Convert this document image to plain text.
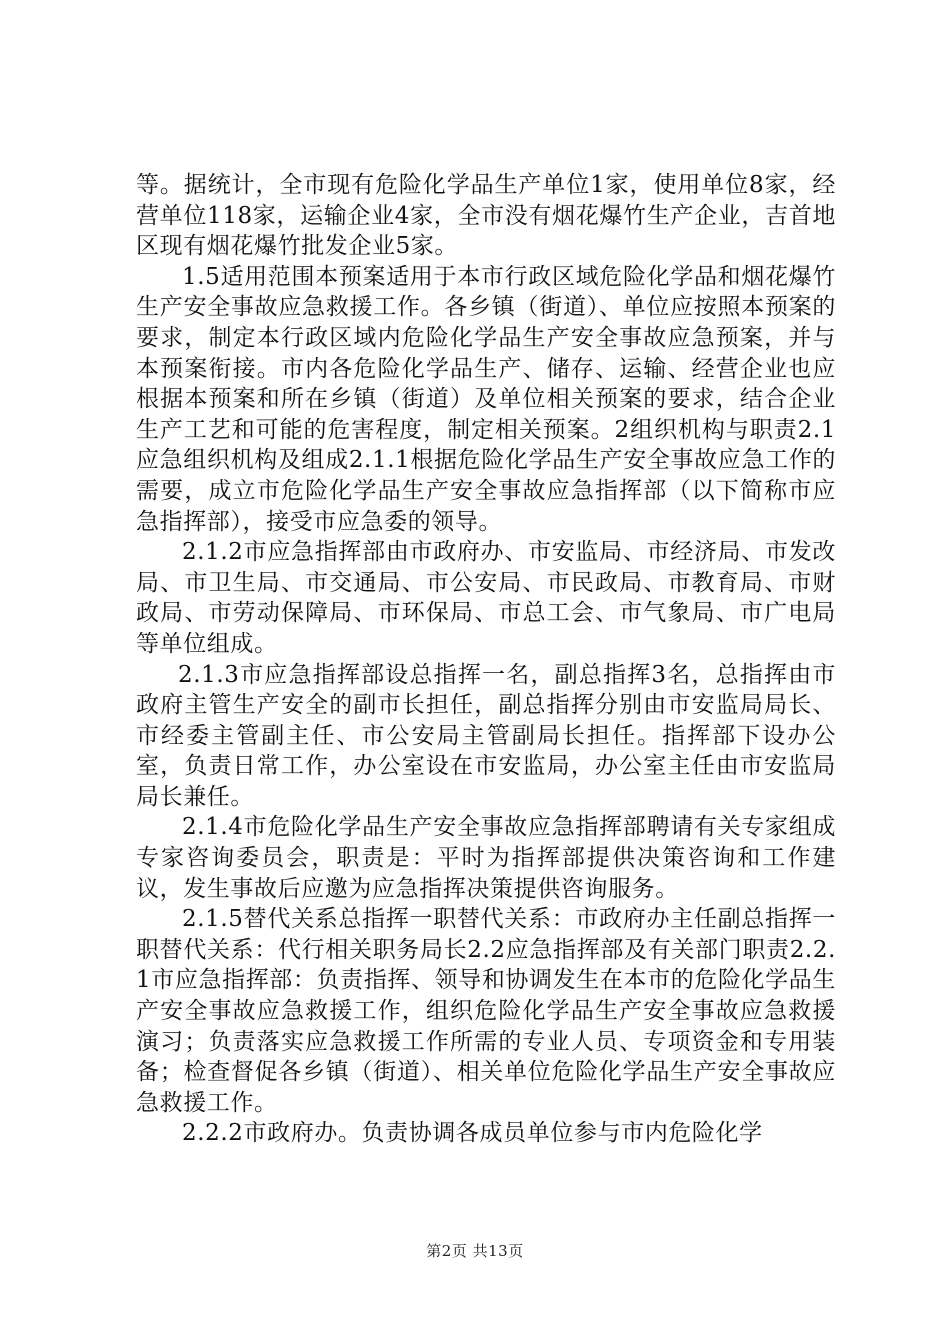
等。据统计，全市现有危险化学品生产单位1家，使用单位8家，经营单位118家，运输企业4家，全市没有烟花爆竹生产企业，吉首地区现有烟花爆竹批发企业5家。

1.5适用范围本预案适用于本市行政区域危险化学品和烟花爆竹生产安全事故应急救援工作。各乡镇（街道）、单位应按照本预案的要求，制定本行政区域内危险化学品生产安全事故应急预案，并与本预案衔接。市内各危险化学品生产、储存、运输、经营企业也应根据本预案和所在乡镇（街道）及单位相关预案的要求，结合企业生产工艺和可能的危害程度，制定相关预案。2组织机构与职责2.1应急组织机构及组成2.1.1根据危险化学品生产安全事故应急工作的需要，成立市危险化学品生产安全事故应急指挥部（以下简称市应急指挥部），接受市应急委的领导。

2.1.2市应急指挥部由市政府办、市安监局、市经济局、市发改局、市卫生局、市交通局、市公安局、市民政局、市教育局、市财政局、市劳动保障局、市环保局、市总工会、市气象局、市广电局等单位组成。

2.1.3市应急指挥部设总指挥一名，副总指挥3名，总指挥由市政府主管生产安全的副市长担任，副总指挥分别由市安监局局长、市经委主管副主任、市公安局主管副局长担任。指挥部下设办公室，负责日常工作，办公室设在市安监局，办公室主任由市安监局局长兼任。

2.1.4市危险化学品生产安全事故应急指挥部聘请有关专家组成专家咨询委员会，职责是：平时为指挥部提供决策咨询和工作建议，发生事故后应邀为应急指挥决策提供咨询服务。

2.1.5替代关系总指挥一职替代关系：市政府办主任副总指挥一职替代关系：代行相关职务局长2.2应急指挥部及有关部门职责2.2.1市应急指挥部：负责指挥、领导和协调发生在本市的危险化学品生产安全事故应急救援工作，组织危险化学品生产安全事故应急救援演习；负责落实应急救援工作所需的专业人员、专项资金和专用装备；检查督促各乡镇（街道）、相关单位危险化学品生产安全事故应急救援工作。

2.2.2市政府办。负责协调各成员单位参与市内危险化学

第2页 共13页
